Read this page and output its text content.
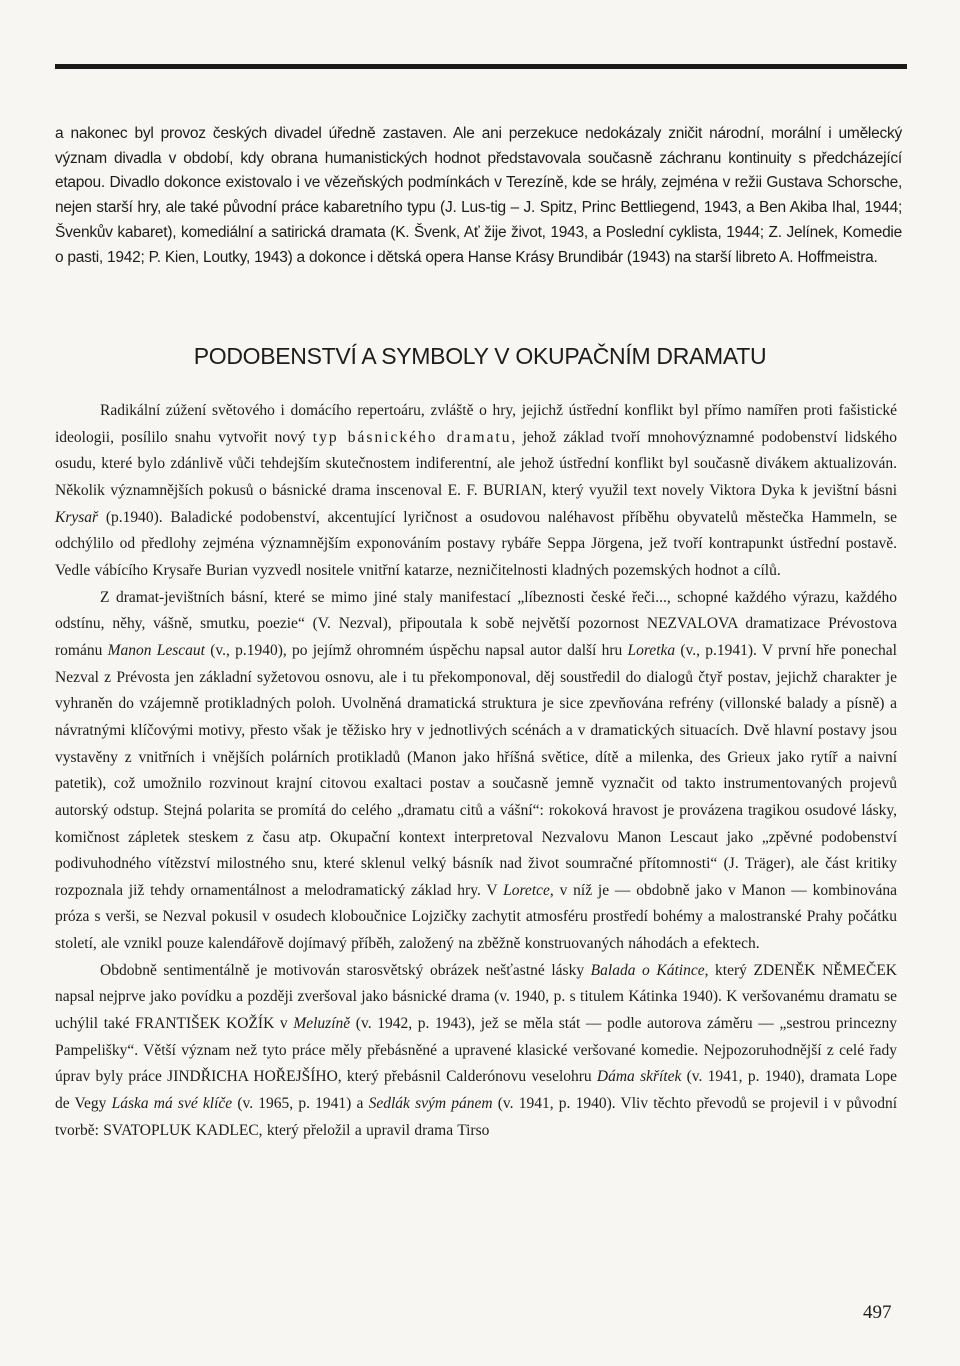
a nakonec byl provoz českých divadel úředně zastaven. Ale ani perzekuce nedokázaly zničit národní, morální i umělecký význam divadla v období, kdy obrana humanistických hodnot představovala současně záchranu kontinuity s předcházející etapou. Divadlo dokonce existovalo i ve vězeňských podmínkách v Terezíně, kde se hrály, zejména v režii Gustava Schorsche, nejen starší hry, ale také původní práce kabaretního typu (J. Lus-tig – J. Spitz, Princ Bettliegend, 1943, a Ben Akiba Ihal, 1944; Švenkův kabaret), komediální a satirická dramata (K. Švenk, Ať žije život, 1943, a Poslední cyklista, 1944; Z. Jelínek, Komedie o pasti, 1942; P. Kien, Loutky, 1943) a dokonce i dětská opera Hanse Krásy Brundibár (1943) na starší libreto A. Hoffmeistra.

PODOBENSTVÍ A SYMBOLY V OKUPAČNÍM DRAMATU

Radikální zúžení světového i domácího repertoáru, zvláště o hry, jejichž ústřední konflikt byl přímo namířen proti fašistické ideologii, posílilo snahu vytvořit nový typ básnického dramatu, jehož základ tvoří mnohovýznamné podobenství lidského osudu, které bylo zdánlivě vůči tehdejším skutečnostem indiferentní, ale jehož ústřední konflikt byl současně divákem aktualizován. Několik významnějších pokusů o básnické drama inscenoval E. F. BURIAN, který využil text novely Viktora Dyka k jevištní básni Krysař (p.1940). Baladické podobenství, akcentující lyričnost a osudovou naléhavost příběhu obyvatelů městečka Hammeln, se odchýlilo od předlohy zejména významnějším exponováním postavy rybáře Seppa Jörgena, jež tvoří kontrapunkt ústřední postavě. Vedle vábícího Krysaře Burian vyzvedl nositele vnitřní katarze, nezničitelnosti kladných pozemských hodnot a cílů.

Z dramat-jevištních básní, které se mimo jiné staly manifestací „líbeznosti české řeči..., schopné každého výrazu, každého odstínu, něhy, vášně, smutku, poezie“ (V. Nezval), připoutala k sobě největší pozornost NEZVALOVA dramatizace Prévostova románu Manon Lescaut (v., p.1940), po jejímž ohromném úspěchu napsal autor další hru Loretka (v., p.1941). V první hře ponechal Nezval z Prévosta jen základní syžetovou osnovu, ale i tu překomponoval, děj soustředil do dialogů čtyř postav, jejichž charakter je vyhraněn do vzájemně protikladných poloh. Uvolněná dramatická struktura je sice zpevňována refrény (villonské balady a písně) a návratnými klíčovými motivy, přesto však je těžisko hry v jednotlivých scénách a v dramatických situacích. Dvě hlavní postavy jsou vystavěny z vnitřních i vnějších polárních protikladů (Manon jako hříšná světice, dítě a milenka, des Grieux jako rytíř a naivní patetik), což umožnilo rozvinout krajní citovou exaltaci postav a současně jemně vyznačit od takto instrumentovaných projevů autorský odstup. Stejná polarita se promítá do celého „dramatu citů a vášní“: rokoková hravost je provázena tragikou osudové lásky, komičnost zápletek steskem z času atp. Okupační kontext interpretoval Nezvalovu Manon Lescaut jako „zpěvné podobenství podivuhodného vítězství milostného snu, které sklenul velký básník nad život soumračné přítomnosti“ (J. Träger), ale část kritiky rozpoznala již tehdy ornamentálnost a melodramatický základ hry. V Loretce, v níž je — obdobně jako v Manon — kombinována próza s verši, se Nezval pokusil v osudech kloboučnice Lojzičky zachytit atmosféru prostředí bohémy a malostranské Prahy počátku století, ale vznikl pouze kalendářově dojímavý příběh, založený na zběžně konstruovaných náhodách a efektech.

Obdobně sentimentálně je motivován starosvětský obrázek nešťastné lásky Balada o Kátince, který ZDENĚK NĚMEČEK napsal nejprve jako povídku a později zveršoval jako básnické drama (v. 1940, p. s titulem Kátinka 1940). K veršovanému dramatu se uchýlil také FRANTIŠEK KOŽÍK v Meluzíně (v. 1942, p. 1943), jež se měla stát — podle autorova záměru — „sestrou princezny Pampelišky“. Větší význam než tyto práce měly přebásněné a upravené klasické veršované komedie. Nejpozoruhodnější z celé řady úprav byly práce JINDŘICHA HOŘEJŠÍHO, který přebásnil Calderónovu veselohru Dáma skřítek (v. 1941, p. 1940), dramata Lope de Vegy Láska má své klíče (v. 1965, p. 1941) a Sedlák svým pánem (v. 1941, p. 1940). Vliv těchto převodů se projevil i v původní tvorbě: SVATOPLUK KADLEC, který přeložil a upravil drama Tirso

497
